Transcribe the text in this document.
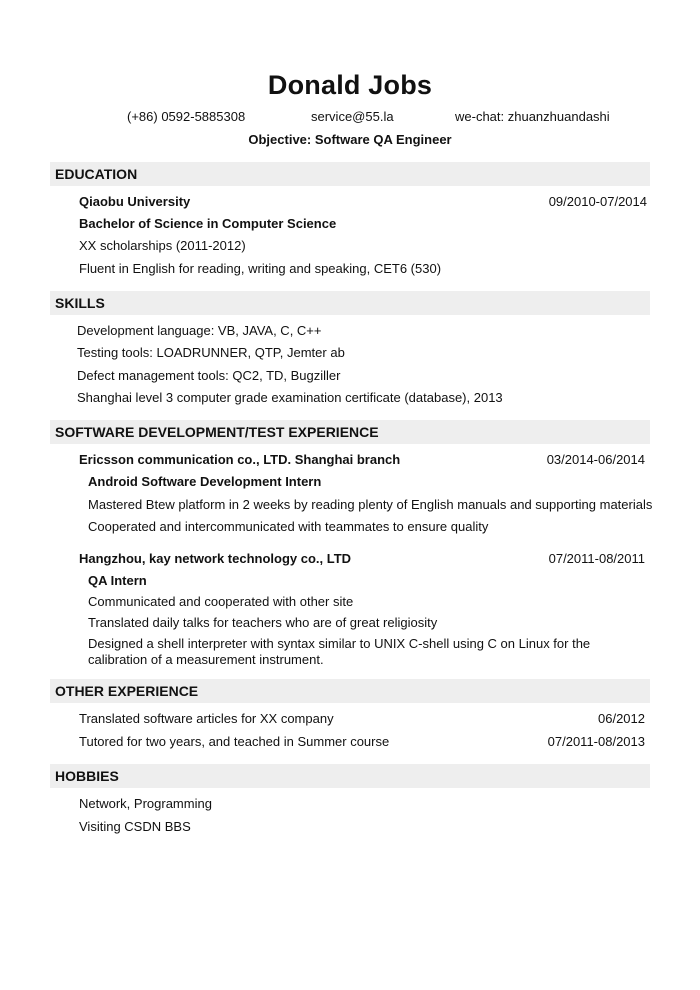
Donald Jobs
(+86) 0592-5885308	service@55.la	we-chat: zhuanzhuandashi
Objective: Software QA Engineer
EDUCATION
Qiaobu University	09/2010-07/2014
Bachelor of Science in Computer Science
XX scholarships (2011-2012)
Fluent in English for reading, writing and speaking, CET6 (530)
SKILLS
Development language: VB, JAVA, C, C++
Testing tools: LOADRUNNER, QTP, Jemter ab
Defect management tools: QC2, TD, Bugziller
Shanghai level 3 computer grade examination certificate (database), 2013
SOFTWARE DEVELOPMENT/TEST EXPERIENCE
Ericsson communication co., LTD. Shanghai branch	03/2014-06/2014
Android Software Development Intern
Mastered Btew platform in 2 weeks by reading plenty of English manuals and supporting materials
Cooperated and intercommunicated with teammates to ensure quality
Hangzhou, kay network technology co., LTD	07/2011-08/2011
QA Intern
Communicated and cooperated with other site
Translated daily talks for teachers who are of great religiosity
Designed a shell interpreter with syntax similar to UNIX C-shell using C on Linux for the calibration of a measurement instrument.
OTHER EXPERIENCE
Translated software articles for XX company	06/2012
Tutored for two years, and teached in Summer course	07/2011-08/2013
HOBBIES
Network, Programming
Visiting CSDN BBS
